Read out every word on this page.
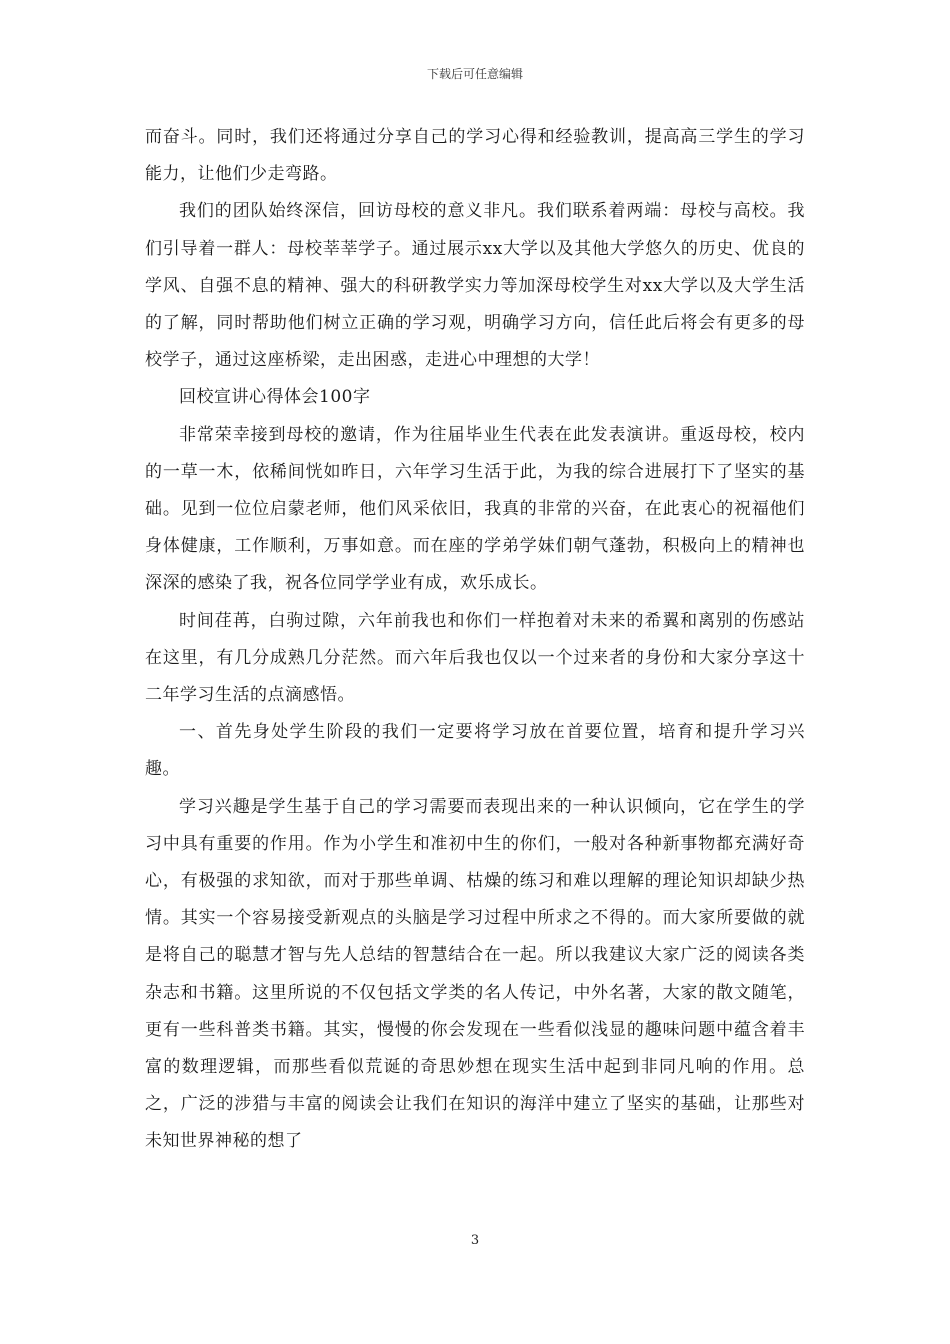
下载后可任意编辑

而奋斗。同时，我们还将通过分享自己的学习心得和经验教训，提高高三学生的学习能力，让他们少走弯路。

我们的团队始终深信，回访母校的意义非凡。我们联系着两端：母校与高校。我们引导着一群人：母校莘莘学子。通过展示xx大学以及其他大学悠久的历史、优良的学风、自强不息的精神、强大的科研教学实力等加深母校学生对xx大学以及大学生活的了解，同时帮助他们树立正确的学习观，明确学习方向，信任此后将会有更多的母校学子，通过这座桥梁，走出困惑，走进心中理想的大学！

回校宣讲心得体会100字

非常荣幸接到母校的邀请，作为往届毕业生代表在此发表演讲。重返母校，校内的一草一木，依稀间恍如昨日，六年学习生活于此，为我的综合进展打下了坚实的基础。见到一位位启蒙老师，他们风采依旧，我真的非常的兴奋，在此衷心的祝福他们身体健康，工作顺利，万事如意。而在座的学弟学妹们朝气蓬勃，积极向上的精神也深深的感染了我，祝各位同学学业有成，欢乐成长。

时间荏苒，白驹过隙，六年前我也和你们一样抱着对未来的希翼和离别的伤感站在这里，有几分成熟几分茫然。而六年后我也仅以一个过来者的身份和大家分享这十二年学习生活的点滴感悟。

一、首先身处学生阶段的我们一定要将学习放在首要位置，培育和提升学习兴趣。

学习兴趣是学生基于自己的学习需要而表现出来的一种认识倾向，它在学生的学习中具有重要的作用。作为小学生和准初中生的你们，一般对各种新事物都充满好奇心，有极强的求知欲，而对于那些单调、枯燥的练习和难以理解的理论知识却缺少热情。其实一个容易接受新观点的头脑是学习过程中所求之不得的。而大家所要做的就是将自己的聪慧才智与先人总结的智慧结合在一起。所以我建议大家广泛的阅读各类杂志和书籍。这里所说的不仅包括文学类的名人传记，中外名著，大家的散文随笔，更有一些科普类书籍。其实，慢慢的你会发现在一些看似浅显的趣味问题中蕴含着丰富的数理逻辑，而那些看似荒诞的奇思妙想在现实生活中起到非同凡响的作用。总之，广泛的涉猎与丰富的阅读会让我们在知识的海洋中建立了坚实的基础，让那些对未知世界神秘的想了

3
